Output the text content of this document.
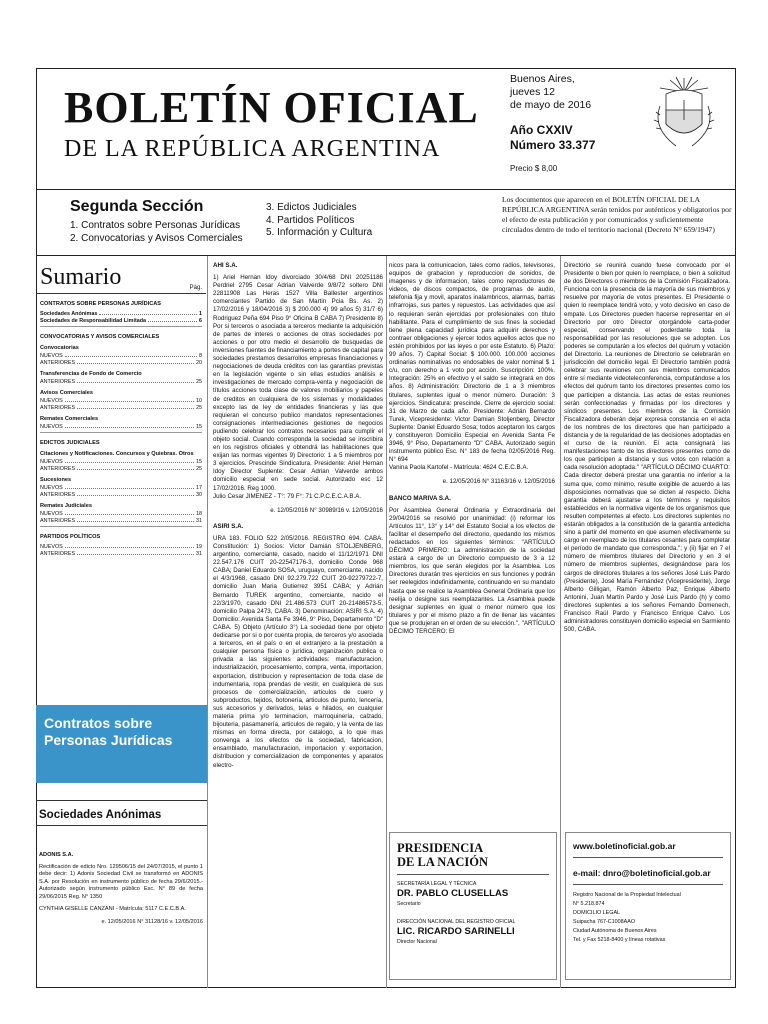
BOLETÍN OFICIAL
DE LA REPÚBLICA ARGENTINA
Buenos Aires,
jueves 12
de mayo de 2016
Año CXXIV
Número 33.377
Precio $ 8,00
Segunda Sección
1. Contratos sobre Personas Jurídicas
2. Convocatorias y Avisos Comerciales
3. Edictos Judiciales
4. Partidos Políticos
5. Información y Cultura
Los documentos que aparecen en el BOLETÍN OFICIAL DE LA REPÚBLICA ARGENTINA serán tenidos por auténticos y obligatorios por el efecto de esta publicación y por comunicados y suficientemente circulados dentro de todo el territorio nacional (Decreto N° 659/1947)
Sumario	Pág.
CONTRATOS SOBRE PERSONAS JURÍDICAS
Sociedades Anónimas	1
Sociedades de Responsabilidad Limitada	6
CONVOCATORIAS Y AVISOS COMERCIALES
Convocatorias
NUEVOS	8
ANTERIORES	20
Transferencias de Fondo de Comercio
ANTERIORES	25
Avisos Comerciales
NUEVOS	10
ANTERIORES	25
Remates Comerciales
NUEVOS	15
EDICTOS JUDICIALES
Citaciones y Notificaciones. Concursos y Quiebras. Otros
NUEVOS	15
ANTERIORES	25
Sucesiones
NUEVOS	17
ANTERIORES	30
Remates Judiciales
NUEVOS	18
ANTERIORES	31
PARTIDOS POLÍTICOS
NUEVOS	19
ANTERIORES	31
Contratos sobre Personas Jurídicas
Sociedades Anónimas
ADONIS S.A.
Rectificación de edicto Nro. 129506/15 del 24/07/2015, el punto 1 debe decir: 1) Adonis Sociedad Civil se transformó en ADONIS S.A. por Resolución en instrumento público de fecha 29/6/2015.- Autorizado según instrumento público Esc. N° 89 de fecha 29/06/2015 Reg. N° 1350
CYNTHIA GISELLE CANZANI - Matrícula: 5117 C.E.C.B.A.
e. 12/05/2016 N° 31128/16 v. 12/05/2016
AHI S.A.
1) Ariel Hernan Idoy divorciado 30/4/68 DNI 20251186 Perdriel 2795 Cesar Adrian Valverde 9/8/72 soltero DNI 22811908 Las Heras 1527 Villa Ballester argentinos comerciantes Partido de San Martin Pcia Bs. As. 2) 17/02/2016 y 18/04/2016 3) $ 200.000 4) 99 años 5) 31/7 6) Rodriguez Peña 694 Piso 9° Oficina B CABA 7) Presidente 8) Por si terceros o asociada a terceros mediante la adquisición de partes de interes o acciones de otras sociedades por acciones o por otro medio el desarrollo de busquedas de inversiones fuentes de financiamiento a portes de capital para sociedades prestamos desarrollos empresas financiaciones y negociaciones de deuda créditos con las garantías previstas en la legislación vigente o sin ellas estudios análisis e investigaciones de mercado compra-venta y negociación de títulos acciones toda clase de valores mobiliarios y papeles de creditos en cualquiera de los sistemas y modalidades excepto las de ley de entidades financieras y las que requieran el concurso publico mandatos representaciones consignaciones intermediaciones gestiones de negocios pudiendo celebrar los contratos necesarios para cumplir el objeto social. Cuando corresponda la sociedad se inscribira en los registros oficiales y obtendrá las habilitaciones que exijan las normas vigentes 9) Directorio: 1 a 5 miembros por 3 ejercicios. Prescinde Sindicatura. Presidente: Ariel Hernan Idoy Director Suplente: Cesar Adrian Valverde ambos domicilio especial en sede social. Autorizado esc 12 17/02/2016. Reg 1000.
Julio Cesar JIMENEZ - T°: 79 F°: 71 C.P.C.E.C.A.B.A.
e. 12/05/2016 N° 30989/16 v. 12/05/2016
ASIRI S.A.
URA 183. FOLIO 522 2/05/2016. REGISTRO 694. CABA. Constitución: 1) Socios: Victor Damián STOLJENBERG, argentino, comerciante, casado, nacido el 11/12/1971 DNI 22.547.176 CUIT 20-22547176-3, domicilio Conde 968 CABA; Daniel Eduardo SOSA, uruguayo, comerciante, nacido el 4/3/1968, casado DNI 92.279.722 CUIT 20-92279722-7, domicilio Juan Maria Gutierrez 3951 CABA; y Adrián Bernardo TUREK argentino, comerciante, nacido el 22/3/1970, casado DNI 21.486.573 CUIT 20-21486573-5, domicilio Palpa 2473, CABA. 3) Denominación: ASIRI S.A. 4) Domicilio: Avenida Santa Fe 3946, 9° Piso, Departamento "D" CABA. 5) Objeto (Artículo 3°) La sociedad tiene por objeto dedicarse por si o por cuenta propia, de terceros y/o asociada a terceros, en el país o en el extranjero a la prestación a cualquier persona física o jurídica, organización publica o privada a las siguientes actividades: manufacturacion, industrialización, procesamiento, compra, venta, importacion, exportacion, distribucion y representacion de toda clase de indumentaria, ropa prendas de vestir, en cualquiera de sus procesos de comercialización, articulos de cuero y subproductos, tejidos, botonería, articulos de punto, lencería, sus accesorios y derivados, telas e hilados, en cualquier materia prima y/o terminacion, marroquinería, calzado, bijouteria, pasamanería, articulos de regalo, y la venta de las mismas en forma directa, por catalogo, a lo que mas convenga a los efectos de la sociedad, fabricacion, ensamblado, manufacturacion, importacion y exportacion, distribucion y comercializacion de componentes y aparatos electro-
nicos para la comunicacion, tales como radios, televisores, equipos de grabacion y reproduccion de sonidos, de imagenes y de informacion, tales como reproductores de videos, de discos compactos, de programas de audio, telefonia fija y movil, aparatos inalambricos, alarmas, barras infrarrojas, sus partes y repuestos. Las actividades que así lo requieran serán ejercidas por profesionales con título habilitante. Para el cumplimiento de sus fines la sociedad tiene plena capacidad jurídica para adquirir derechos y contraer obligaciones y ejercer todos aquellos actos que no estén prohibidos por las leyes o por este Estatuto. 6) Plazo: 99 años. 7) Capital Social: $ 100.000. 100.000 acciones ordinarias nominativas no endosables de valor nominal $ 1 c/u, con derecho a 1 voto por acción. Suscripción: 100%. Integración: 25% en efectivo y el saldo se integrará en dos años. 8) Administración: Directorio de 1 a 3 miembros titulares, suplentes igual o menor número. Duración: 3 ejercicios. Sindicatura: prescinde. Cierre de ejercicio social: 31 de Marzo de cada año. Presidente: Adrián Bernardo Turek, Vicepresidente: Victor Damian Stoljenberg, Director Suplente: Daniel Eduardo Sosa; todos aceptaron los cargos y constituyeron Domicilio Especial en Avenida Santa Fe 3946, 9° Piso, Departamento "D" CABA. Autorizado según instrumento público Esc. N° 183 de fecha 02/05/2016 Reg. N° 694
Vanina Paola Kartofel - Matrícula: 4624 C.E.C.B.A.
e. 12/05/2016 N° 31163/16 v. 12/05/2016
BANCO MARIVA S.A.
Por Asamblea General Ordinaria y Extraordinaria del 29/04/2016 se resolvió por unanimidad: (i) reformar los Artículos 11°, 13° y 14° del Estatuto Social a los efectos de facilitar el desempeño del directorio, quedando los mismos redactados en los siguientes términos: "ARTÍCULO DÉCIMO PRIMERO: La administración de la sociedad estará a cargo de un Directorio compuesto de 3 a 12 miembros, los que serán elegidos por la Asamblea. Los Directores durarán tres ejercicios en sus funciones y podrán ser reelegidos indefinidamente, continuando en su mandato hasta que se realice la Asamblea General Ordinaria que los reelija o designe sus reemplazantes. La Asamblea puede designar suplentes en igual o menor número que los titulares y por el mismo plazo a fin de llenar las vacantes que se produjeran en el orden de su elección.", "ARTÍCULO DÉCIMO TERCERO: El
Directorio se reunirá cuando fuese convocado por el Presidente o bien por quien lo reemplace, o bien a solicitud de dos Directores o miembros de la Comisión Fiscalizadora. Funciona con la presencia de la mayoría de sus miembros y resuelve por mayoría de votos presentes. El Presidente o quien lo reemplace tendrá voto, y voto decisivo en caso de empate. Los Directores pueden hacerse representar en el Directorio por otro Director otorgándole carta-poder especial, conservando el poderdante toda la responsabilidad por las resoluciones que se adopten. Los poderes se computarán a los efectos del quórum y votación del Directorio. La reuniones de Directorio se celebrarán en jurisdicción del domicilio legal. El Directorio también podrá celebrar sus reuniones con sus miembros comunicados entre sí mediante videoteleconferencia, computándose a los efectos del quórum tanto los directores presentes como los que participen a distancia. Las actas de estas reuniones serán confeccionadas y firmadas por los directores y síndicos presentes. Los miembros de la Comisión Fiscalizadora deberán dejar expresa constancia en el acta de los nombres de los directores que han participado a distancia y de la regularidad de las decisiones adoptadas en el curso de la reunión. El acta consignará las manifestaciones tanto de los directores presentes como de los que participen a distancia y sus votos con relación a cada resolución adoptada." "ARTÍCULO DÉCIMO CUARTO: Cada director deberá prestar una garantía no inferior a la suma que, como mínimo, resulte exigible de acuerdo a las disposiciones normativas que se dicten al respecto. Dicha garantía deberá ajustarse a los términos y requisitos establecidos en la normativa vigente de los organismos que resulten competentes al efecto. Los directores suplentes no estarán obligados a la constitución de la garantía antedicha sino a partir del momento en que asumen efectivamente su cargo en reemplazo de los titulares cesantes para completar el período de mandato que corresponda."; y (ii) fijar en 7 el número de miembros titulares del Directorio y en 3 el número de miembros suplentes, designándose para los cargos de directores titulares a los señores José Luis Pardo (Presidente), José María Fernández (Vicepresidente), Jorge Alberto Gilligan, Ramón Alberto Paz, Enrique Alberto Antonini, Juan Martín Pardo y José Luis Pardo (h) y como directores suplentes a los señores Fernando Domenech, Francisco Raúl Pardo y Francisco Enrique Calvo. Los administradores constituyen domicilio especial en Sarmiento 500, CABA.
PRESIDENCIA
DE LA NACIÓN
SECRETARÍA LEGAL Y TÉCNICA
DR. PABLO CLUSELLAS
Secretario
DIRECCIÓN NACIONAL DEL REGISTRO OFICIAL
LIC. RICARDO SARINELLI
Director Nacional
www.boletinoficial.gob.ar
e-mail: dnro@boletinoficial.gob.ar
Registro Nacional de la Propiedad Intelectual
N° 5.218.874
DOMICILIO LEGAL
Suipacha 767-C1008AAO
Ciudad Autónoma de Buenos Aires
Tel. y Fax 5218-8400 y líneas rotativas
